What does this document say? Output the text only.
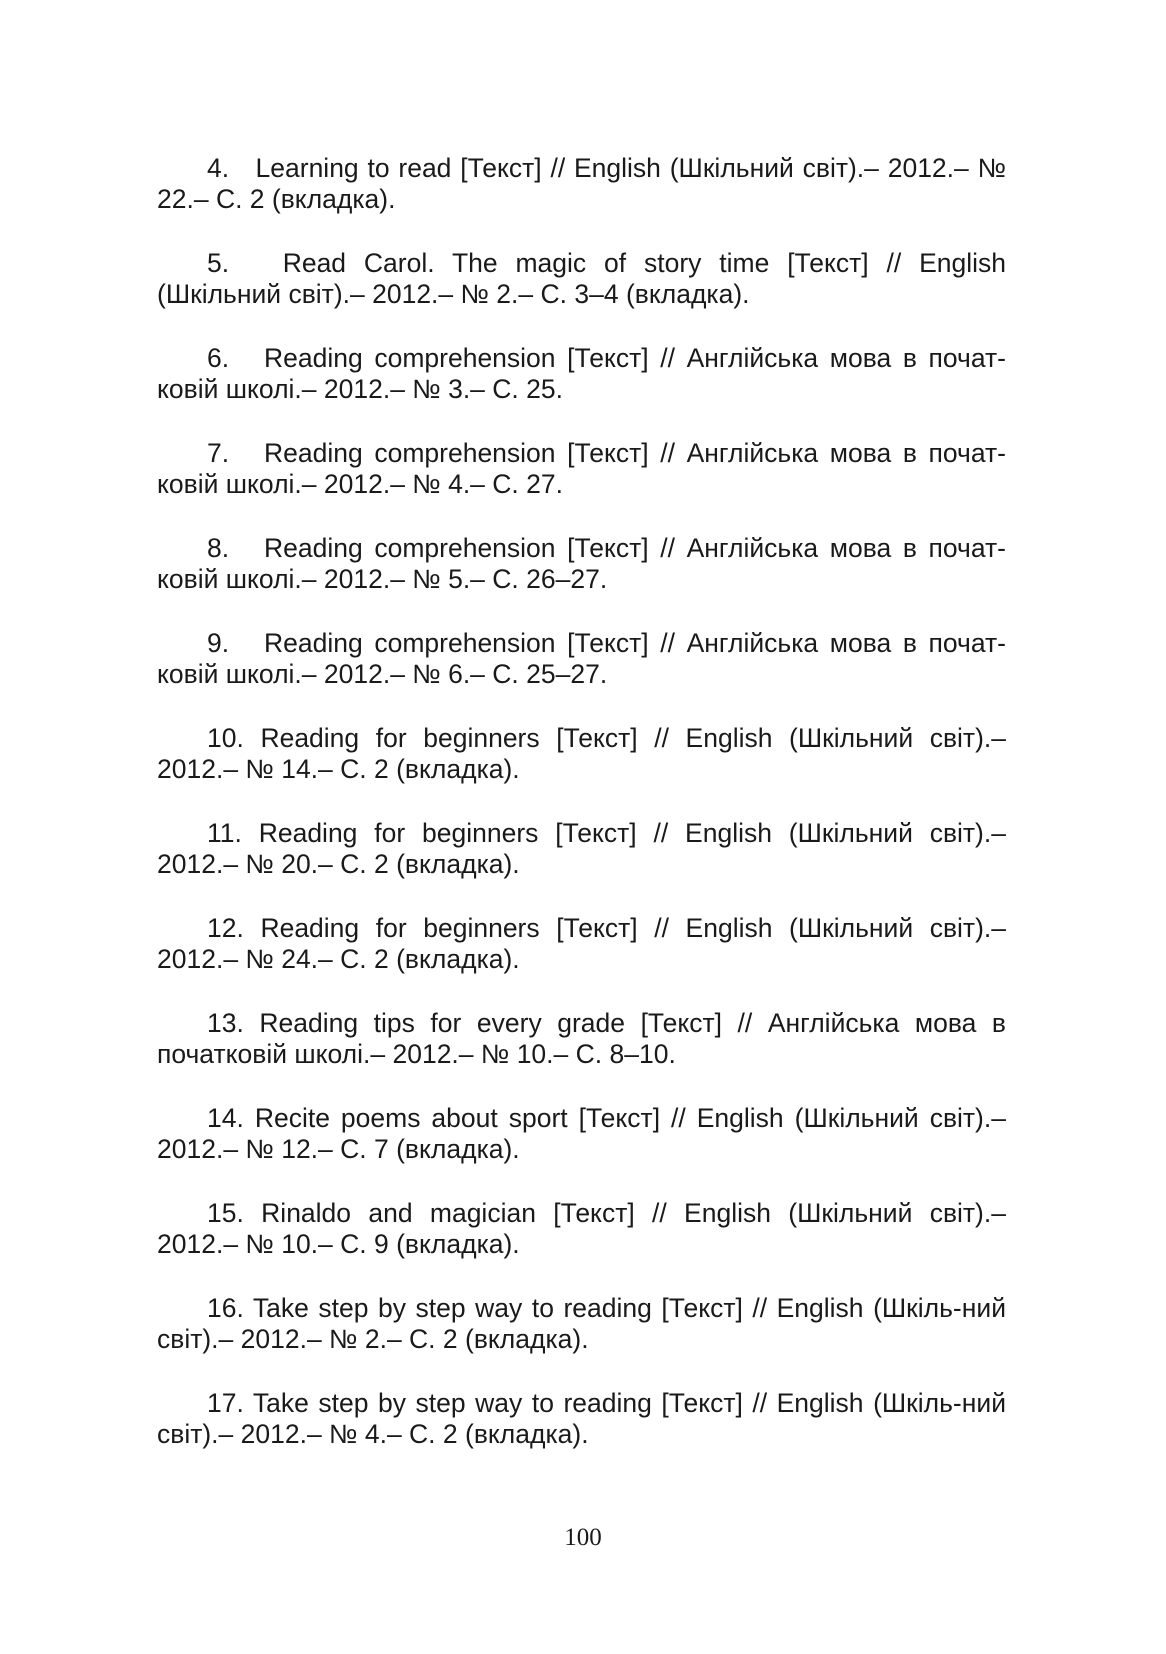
4. Learning to read [Текст] // English (Шкільний світ).– 2012.– № 22.– С. 2 (вкладка).
5. Read Carol. The magic of story time [Текст] // English (Шкільний світ).– 2012.– № 2.– С. 3–4 (вкладка).
6. Reading comprehension [Текст] // Англійська мова в почат-ковій школі.– 2012.– № 3.– С. 25.
7. Reading comprehension [Текст] // Англійська мова в почат-ковій школі.– 2012.– № 4.– С. 27.
8. Reading comprehension [Текст] // Англійська мова в почат-ковій школі.– 2012.– № 5.– С. 26–27.
9. Reading comprehension [Текст] // Англійська мова в почат-ковій школі.– 2012.– № 6.– С. 25–27.
10. Reading for beginners [Текст] // English (Шкільний світ).– 2012.– № 14.– С. 2 (вкладка).
11. Reading for beginners [Текст] // English (Шкільний світ).– 2012.– № 20.– С. 2 (вкладка).
12. Reading for beginners [Текст] // English (Шкільний світ).– 2012.– № 24.– С. 2 (вкладка).
13. Reading tips for every grade [Текст] // Англійська мова в початковій школі.– 2012.– № 10.– С. 8–10.
14. Recite poems about sport [Текст] // English (Шкільний світ).– 2012.– № 12.– С. 7 (вкладка).
15. Rinaldo and magician [Текст] // English (Шкільний світ).– 2012.– № 10.– С. 9 (вкладка).
16. Take step by step way to reading [Текст] // English (Шкіль-ний світ).– 2012.– № 2.– С. 2 (вкладка).
17. Take step by step way to reading [Текст] // English (Шкіль-ний світ).– 2012.– № 4.– С. 2 (вкладка).
100
